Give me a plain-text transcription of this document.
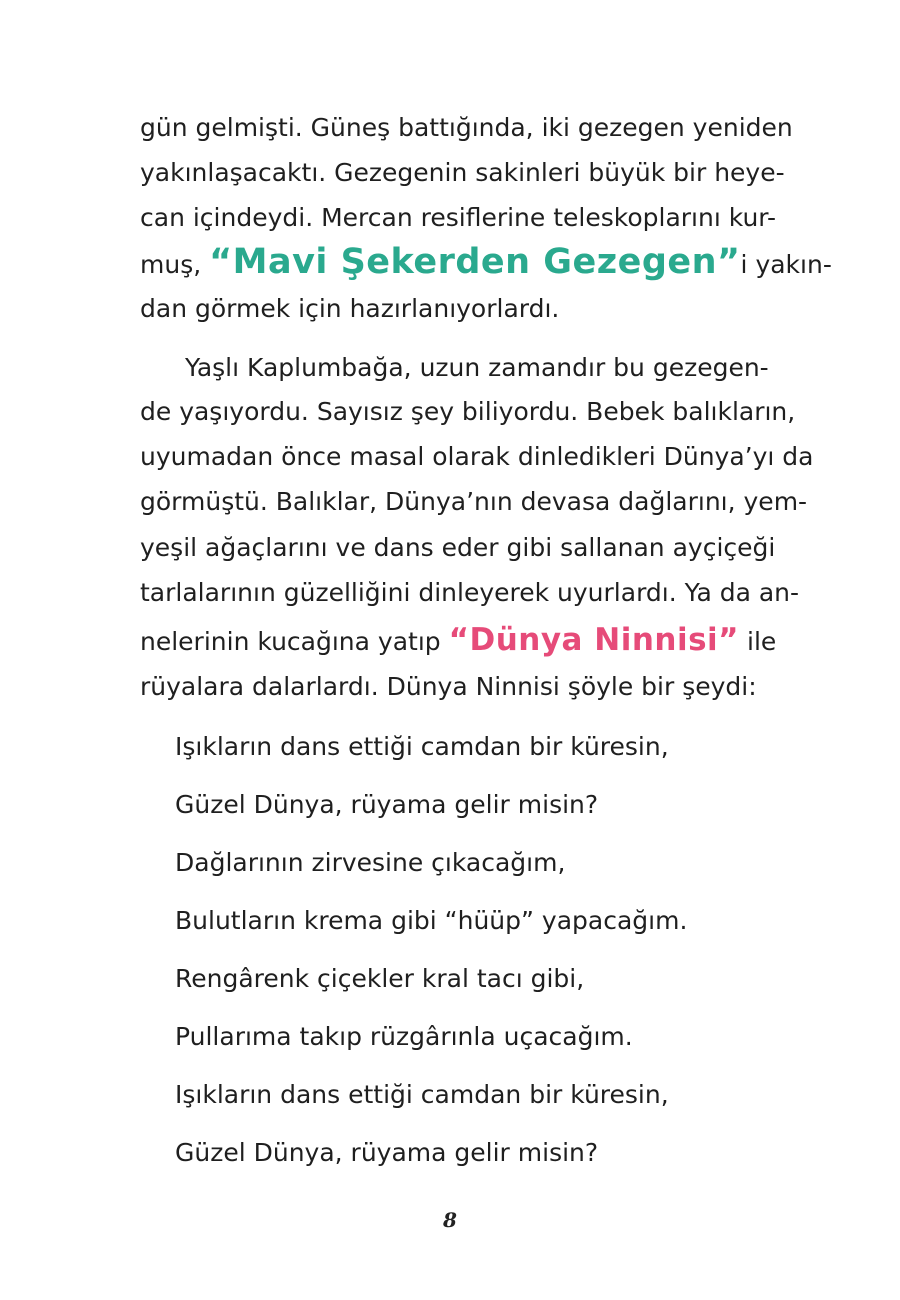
gün gelmişti. Güneş battığında, iki gezegen yeniden
yakınlaşacaktı. Gezegenin sakinleri büyük bir heye-
can içindeydi. Mercan resiflerine teleskoplarını kur-
muş, “Mavi Şekerden Gezegen”i yakın-
dan görmek için hazırlanıyorlardı.
Yaşlı Kaplumbağa, uzun zamandır bu gezegen-
de yaşıyordu. Sayısız şey biliyordu. Bebek balıkların,
uyumadan önce masal olarak dinledikleri Dünya’yı da
görmüştü. Balıklar, Dünya’nın devasa dağlarını, yem-
yeşil ağaçlarını ve dans eder gibi sallanan ayçiçeği
tarlalarının güzelliğini dinleyerek uyurlardı. Ya da an-
nelerinin kucağına yatıp “Dünya Ninnisi” ile
rüyalara dalarlardı. Dünya Ninnisi şöyle bir şeydi:
Işıkların dans ettiği camdan bir küresin,
Güzel Dünya, rüyama gelir misin?
Dağlarının zirvesine çıkacağım,
Bulutların krema gibi “hüüp” yapacağım.
Rengârenk çiçekler kral tacı gibi,
Pullarıma takıp rüzgârınla uçacağım.
Işıkların dans ettiği camdan bir küresin,
Güzel Dünya, rüyama gelir misin?
8
